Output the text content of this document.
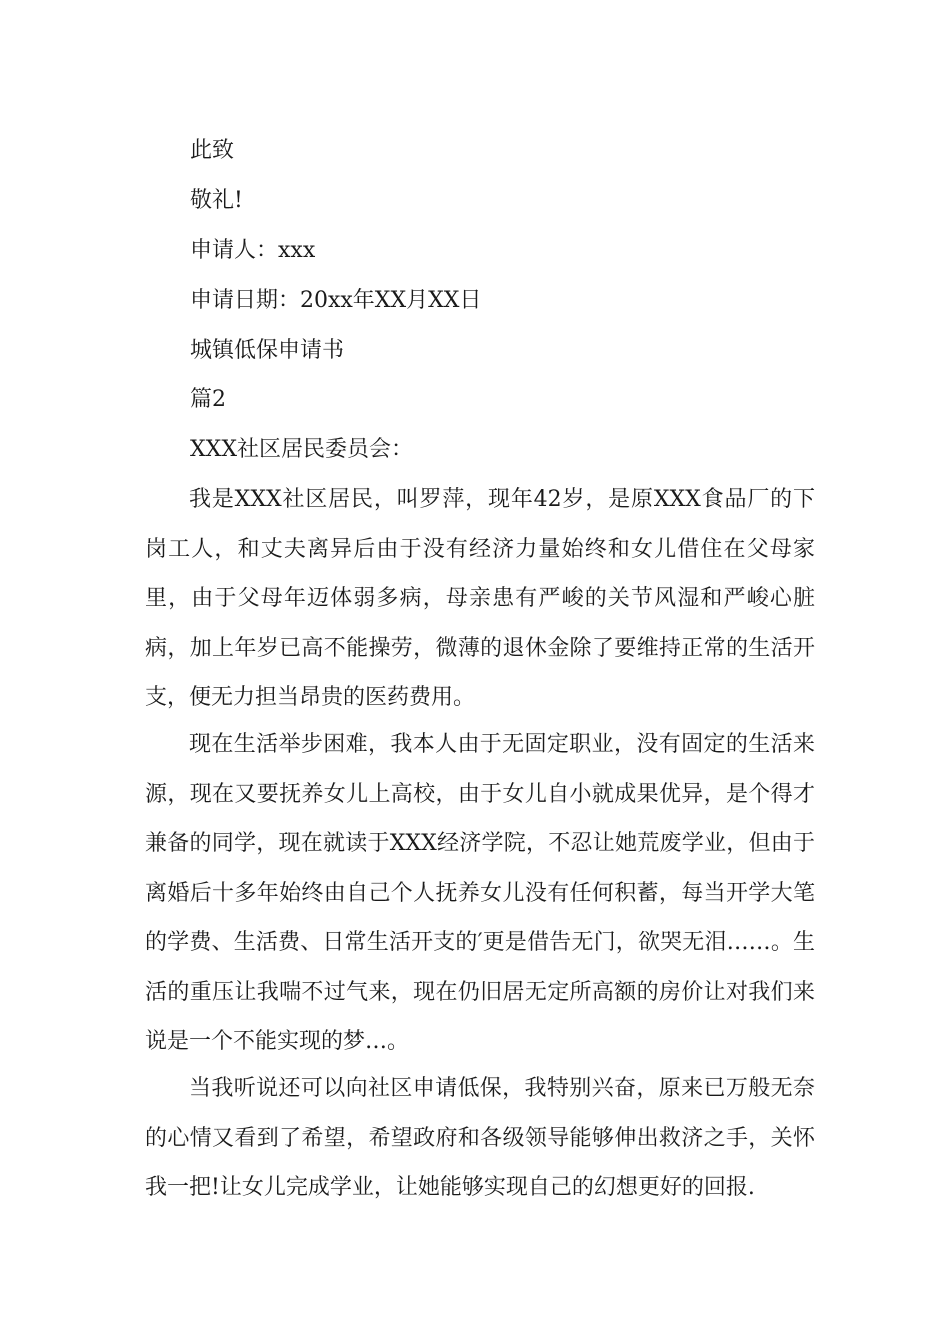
此致
敬礼!
申请人：xxx
申请日期：20xx年XX月XX日
城镇低保申请书
篇2
XXX社区居民委员会：

我是XXX社区居民，叫罗萍，现年42岁，是原XXX食品厂的下岗工人，和丈夫离异后由于没有经济力量始终和女儿借住在父母家里，由于父母年迈体弱多病，母亲患有严峻的关节风湿和严峻心脏病，加上年岁已高不能操劳，微薄的退休金除了要维持正常的生活开支，便无力担当昂贵的医药费用。

现在生活举步困难，我本人由于无固定职业，没有固定的生活来源，现在又要抚养女儿上高校，由于女儿自小就成果优异，是个得才兼备的同学，现在就读于XXX经济学院，不忍让她荒废学业，但由于离婚后十多年始终由自己个人抚养女儿没有任何积蓄，每当开学大笔的学费、生活费、日常生活开支的′更是借告无门，欲哭无泪……。生活的重压让我喘不过气来，现在仍旧居无定所高额的房价让对我们来说是一个不能实现的梦…。

当我听说还可以向社区申请低保，我特别兴奋，原来已万般无奈的心情又看到了希望，希望政府和各级领导能够伸出救济之手，关怀我一把!让女儿完成学业，让她能够实现自己的幻想更好的回报.
